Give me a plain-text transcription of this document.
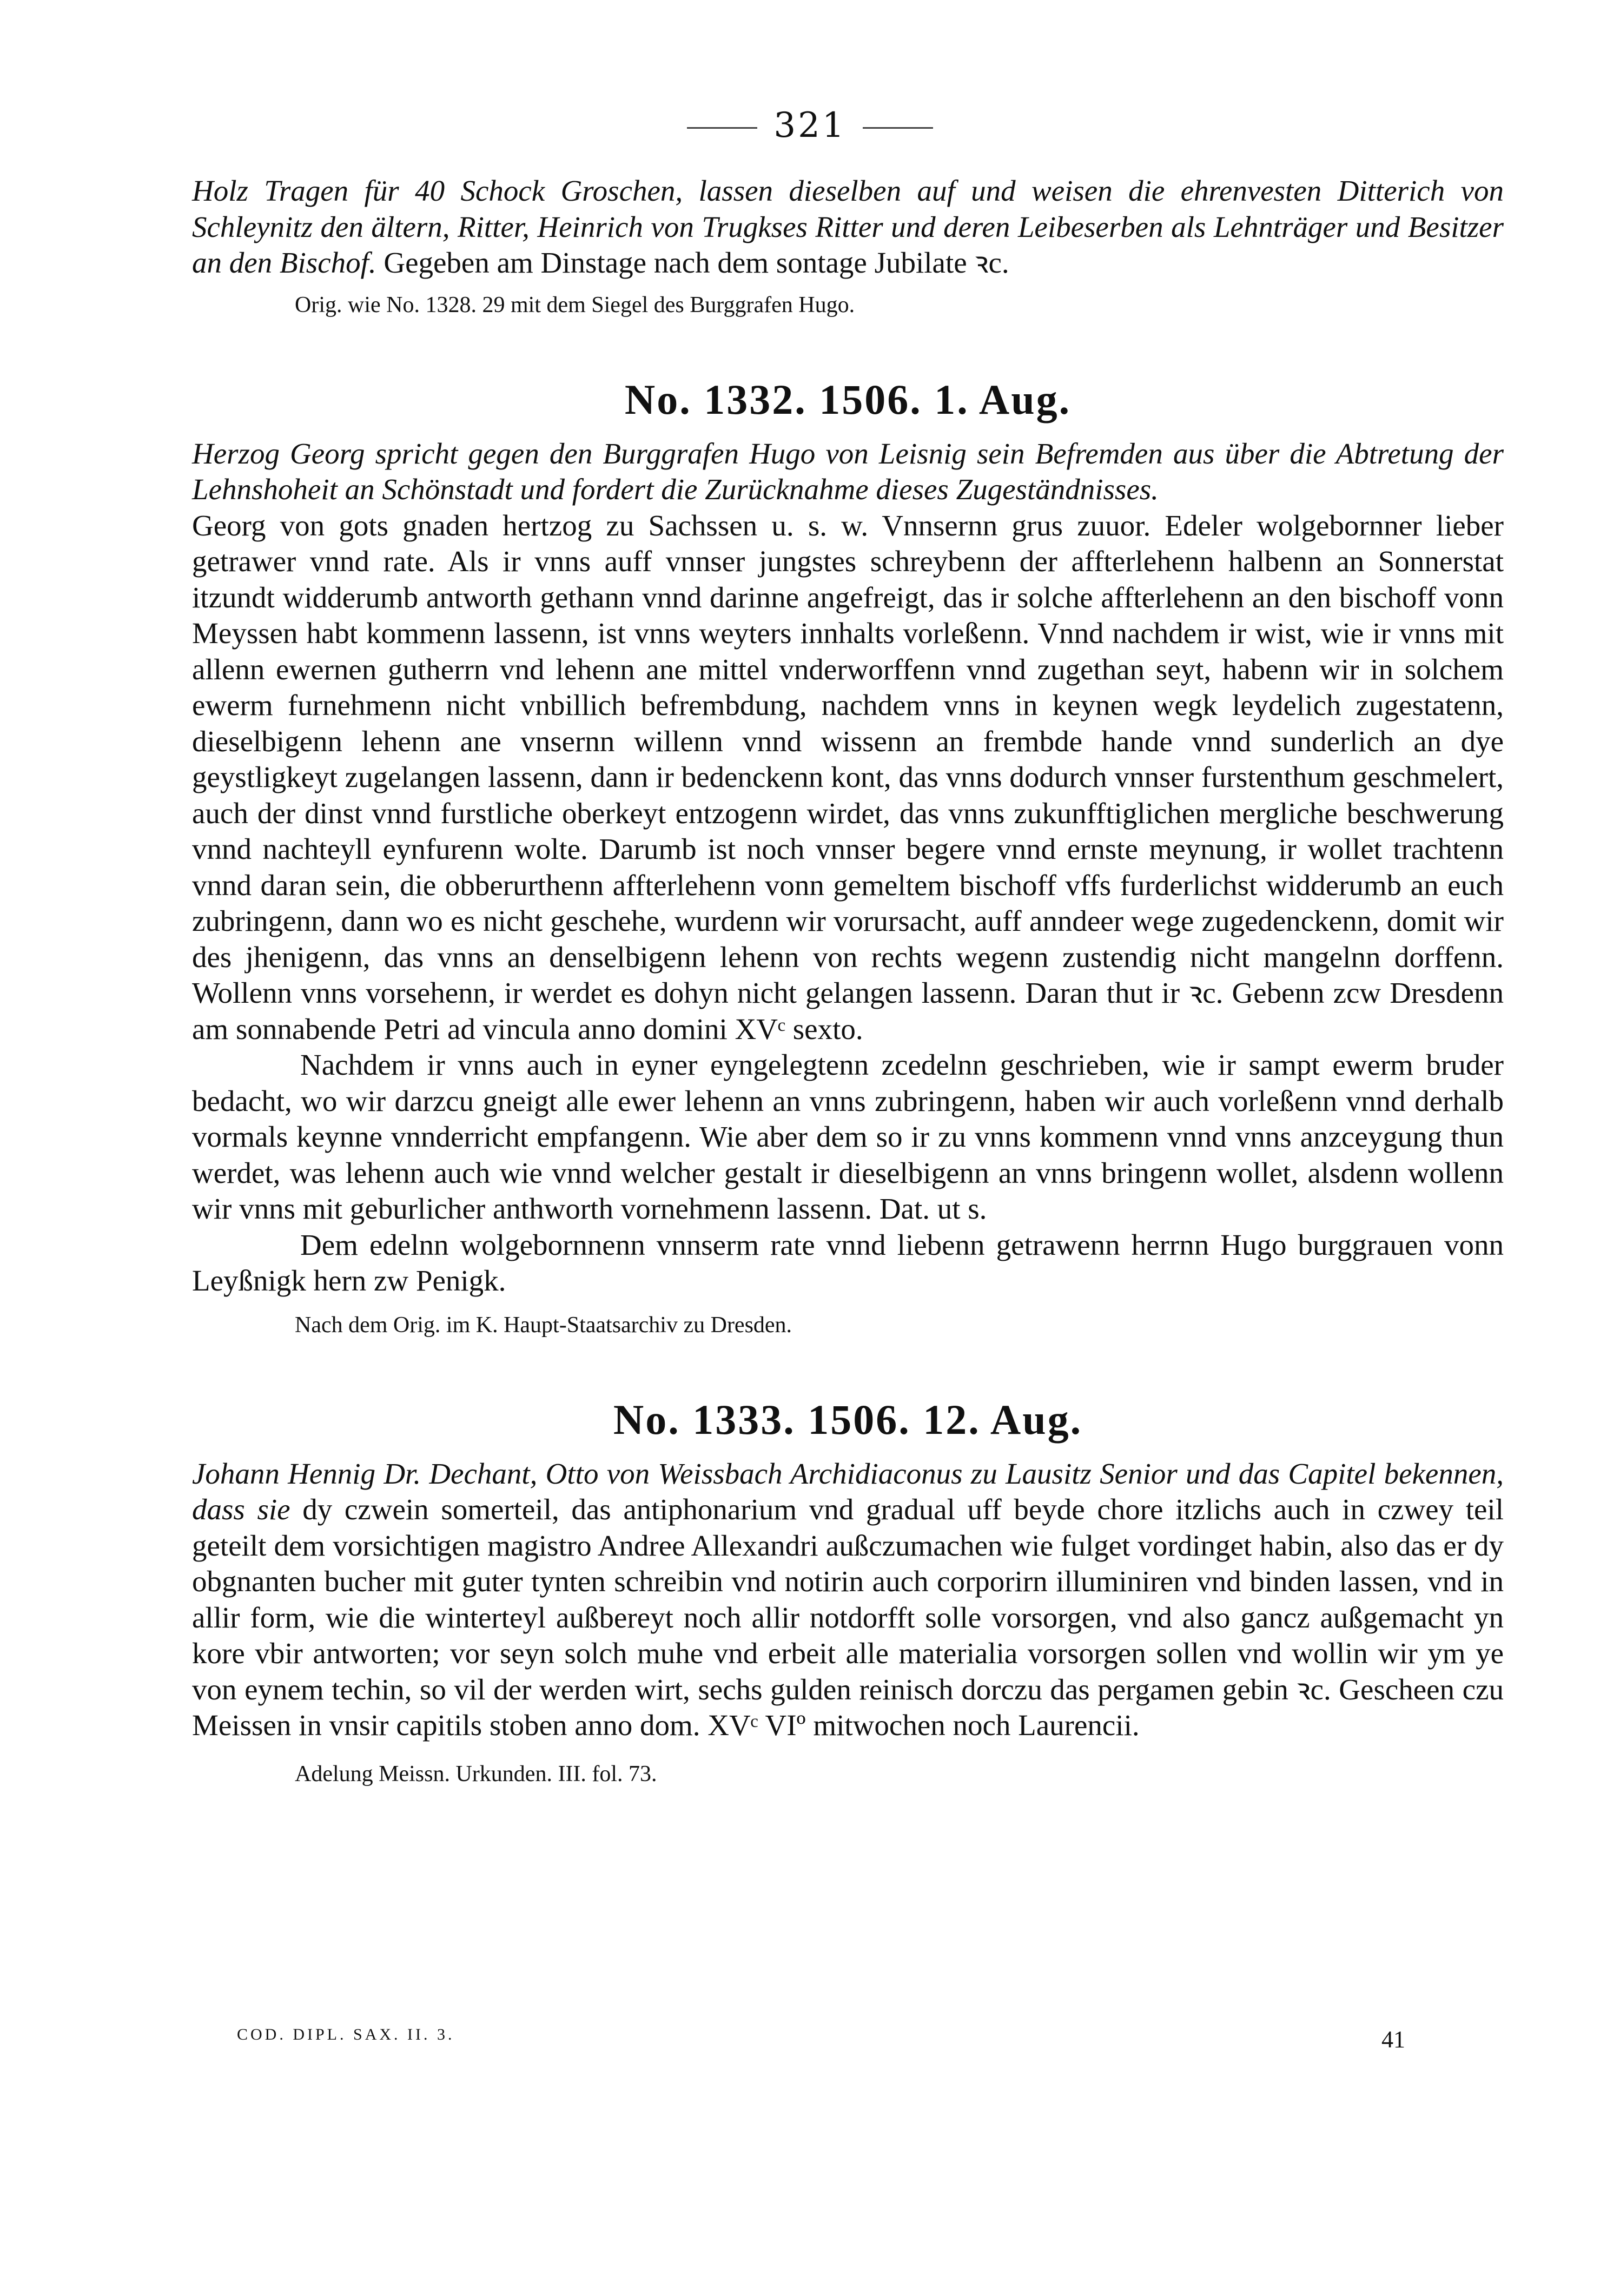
321

Holz Tragen für 40 Schock Groschen, lassen dieselben auf und weisen die ehrenvesten Ditterich von Schleynitz den ältern, Ritter, Heinrich von Trugkses Ritter und deren Leibeserben als Lehnträger und Besitzer an den Bischof. Gegeben am Dinstage nach dem sontage Jubilate ꝛc.

Orig. wie No. 1328. 29 mit dem Siegel des Burggrafen Hugo.
No. 1332. 1506. 1. Aug.

Herzog Georg spricht gegen den Burggrafen Hugo von Leisnig sein Befremden aus über die Abtretung der Lehnshoheit an Schönstadt und fordert die Zurücknahme dieses Zugeständnisses.

Georg von gots gnaden hertzog zu Sachssen u. s. w. Vnnsernn grus zuuor. Edeler wolgebornner lieber getrawer vnnd rate. Als ir vnns auff vnnser jungstes schreybenn der affterlehenn halbenn an Sonnerstat itzundt widderumb antworth gethann vnnd darinne angefreigt, das ir solche affterlehenn an den bischoff vonn Meyssen habt kommenn lassenn, ist vnns weyters innhalts vorleßenn. Vnnd nachdem ir wist, wie ir vnns mit allenn ewernen gutherrn vnd lehenn ane mittel vnderworffenn vnnd zugethan seyt, habenn wir in solchem ewerm furnehmenn nicht vnbillich befrembdung, nachdem vnns in keynen wegk leydelich zugestatenn, dieselbigenn lehenn ane vnsernn willenn vnnd wissenn an frembde hande vnnd sunderlich an dye geystligkeyt zugelangen lassenn, dann ir bedenckenn kont, das vnns dodurch vnnser furstenthum geschmelert, auch der dinst vnnd furstliche oberkeyt entzogenn wirdet, das vnns zukunfftiglichen mergliche beschwerung vnnd nachteyll eynfurenn wolte. Darumb ist noch vnnser begere vnnd ernste meynung, ir wollet trachtenn vnnd daran sein, die obberurthenn affterlehenn vonn gemeltem bischoff vffs furderlichst widderumb an euch zubringenn, dann wo es nicht geschehe, wurdenn wir vorursacht, auff anndeer wege zugedenckenn, domit wir des jhenigenn, das vnns an denselbigenn lehenn von rechts wegenn zustendig nicht mangelnn dorffenn. Wollenn vnns vorsehenn, ir werdet es dohyn nicht gelangen lassenn. Daran thut ir ꝛc. Gebenn zcw Dresdenn am sonnabende Petri ad vincula anno domini XVᶜ sexto.

Nachdem ir vnns auch in eyner eyngelegtenn zcedelnn geschrieben, wie ir sampt ewerm bruder bedacht, wo wir darzcu gneigt alle ewer lehenn an vnns zubringenn, haben wir auch vorleßenn vnnd derhalb vormals keynne vnnderricht empfangenn. Wie aber dem so ir zu vnns kommenn vnnd vnns anzceygung thun werdet, was lehenn auch wie vnnd welcher gestalt ir dieselbigenn an vnns bringenn wollet, alsdenn wollenn wir vnns mit geburlicher anthworth vornehmenn lassenn. Dat. ut s.

Dem edelnn wolgebornnenn vnnserm rate vnnd liebenn getrawenn herrnn Hugo burggrauen vonn Leyßnigk hern zw Penigk.

Nach dem Orig. im K. Haupt-Staatsarchiv zu Dresden.
No. 1333. 1506. 12. Aug.

Johann Hennig Dr. Dechant, Otto von Weissbach Archidiaconus zu Lausitz Senior und das Capitel bekennen, dass sie dy czwein somerteil, das antiphonarium vnd gradual uff beyde chore itzlichs auch in czwey teil geteilt dem vorsichtigen magistro Andree Allexandri außczumachen wie fulget vordinget habin, also das er dy obgnanten bucher mit guter tynten schreibin vnd notirin auch corporirn illuminiren vnd binden lassen, vnd in allir form, wie die winterteyl außbereyt noch allir notdorfft solle vorsorgen, vnd also gancz außgemacht yn kore vbir antworten; vor seyn solch muhe vnd erbeit alle materialia vorsorgen sollen vnd wollin wir ym ye von eynem techin, so vil der werden wirt, sechs gulden reinisch dorczu das pergamen gebin ꝛc. Gescheen czu Meissen in vnsir capitils stoben anno dom. XVᶜ VIº mitwochen noch Laurencii.

Adelung Meissn. Urkunden. III. fol. 73.
COD. DIPL. SAX. II. 3.	41
